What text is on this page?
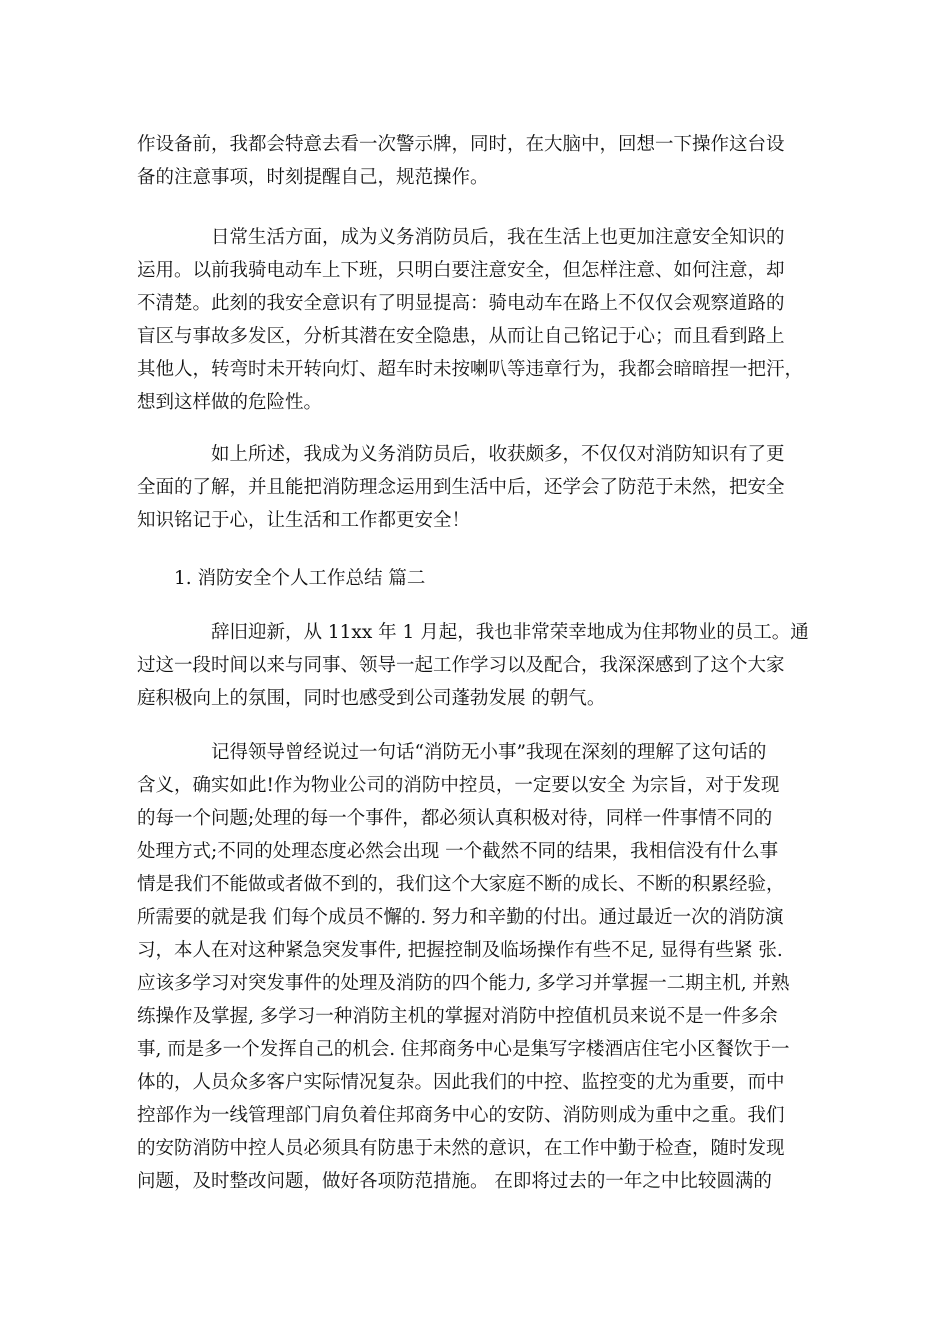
作设备前，我都会特意去看一次警示牌，同时，在大脑中，回想一下操作这台设
备的注意事项，时刻提醒自己，规范操作。

日常生活方面，成为义务消防员后，我在生活上也更加注意安全知识的
运用。以前我骑电动车上下班，只明白要注意安全，但怎样注意、如何注意，却
不清楚。此刻的我安全意识有了明显提高：骑电动车在路上不仅仅会观察道路的
盲区与事故多发区，分析其潜在安全隐患，从而让自己铭记于心；而且看到路上
其他人，转弯时未开转向灯、超车时未按喇叭等违章行为，我都会暗暗捏一把汗，
想到这样做的危险性。

如上所述，我成为义务消防员后，收获颇多，不仅仅对消防知识有了更
全面的了解，并且能把消防理念运用到生活中后，还学会了防范于未然，把安全
知识铭记于心，让生活和工作都更安全！

1. 消防安全个人工作总结 篇二

辞旧迎新，从 11xx 年 1 月起，我也非常荣幸地成为住邦物业的员工。通
过这一段时间以来与同事、领导一起工作学习以及配合，我深深感到了这个大家
庭积极向上的氛围，同时也感受到公司蓬勃发展 的朝气。

记得领导曾经说过一句话“消防无小事”我现在深刻的理解了这句话的
含义，确实如此!作为物业公司的消防中控员，一定要以安全 为宗旨，对于发现
的每一个问题;处理的每一个事件，都必须认真积极对待，同样一件事情不同的
处理方式;不同的处理态度必然会出现 一个截然不同的结果，我相信没有什么事
情是我们不能做或者做不到的，我们这个大家庭不断的成长、不断的积累经验，
所需要的就是我 们每个成员不懈的. 努力和辛勤的付出。通过最近一次的消防演
习，本人在对这种紧急突发事件, 把握控制及临场操作有些不足, 显得有些紧 张.
应该多学习对突发事件的处理及消防的四个能力, 多学习并掌握一二期主机, 并熟
练操作及掌握, 多学习一种消防主机的掌握对消防中控值机员来说不是一件多余
事, 而是多一个发挥自己的机会. 住邦商务中心是集写字楼酒店住宅小区餐饮于一
体的，人员众多客户实际情况复杂。因此我们的中控、监控变的尤为重要，而中
控部作为一线管理部门肩负着住邦商务中心的安防、消防则成为重中之重。我们
的安防消防中控人员必须具有防患于未然的意识，在工作中勤于检查，随时发现
问题，及时整改问题，做好各项防范措施。 在即将过去的一年之中比较圆满的
